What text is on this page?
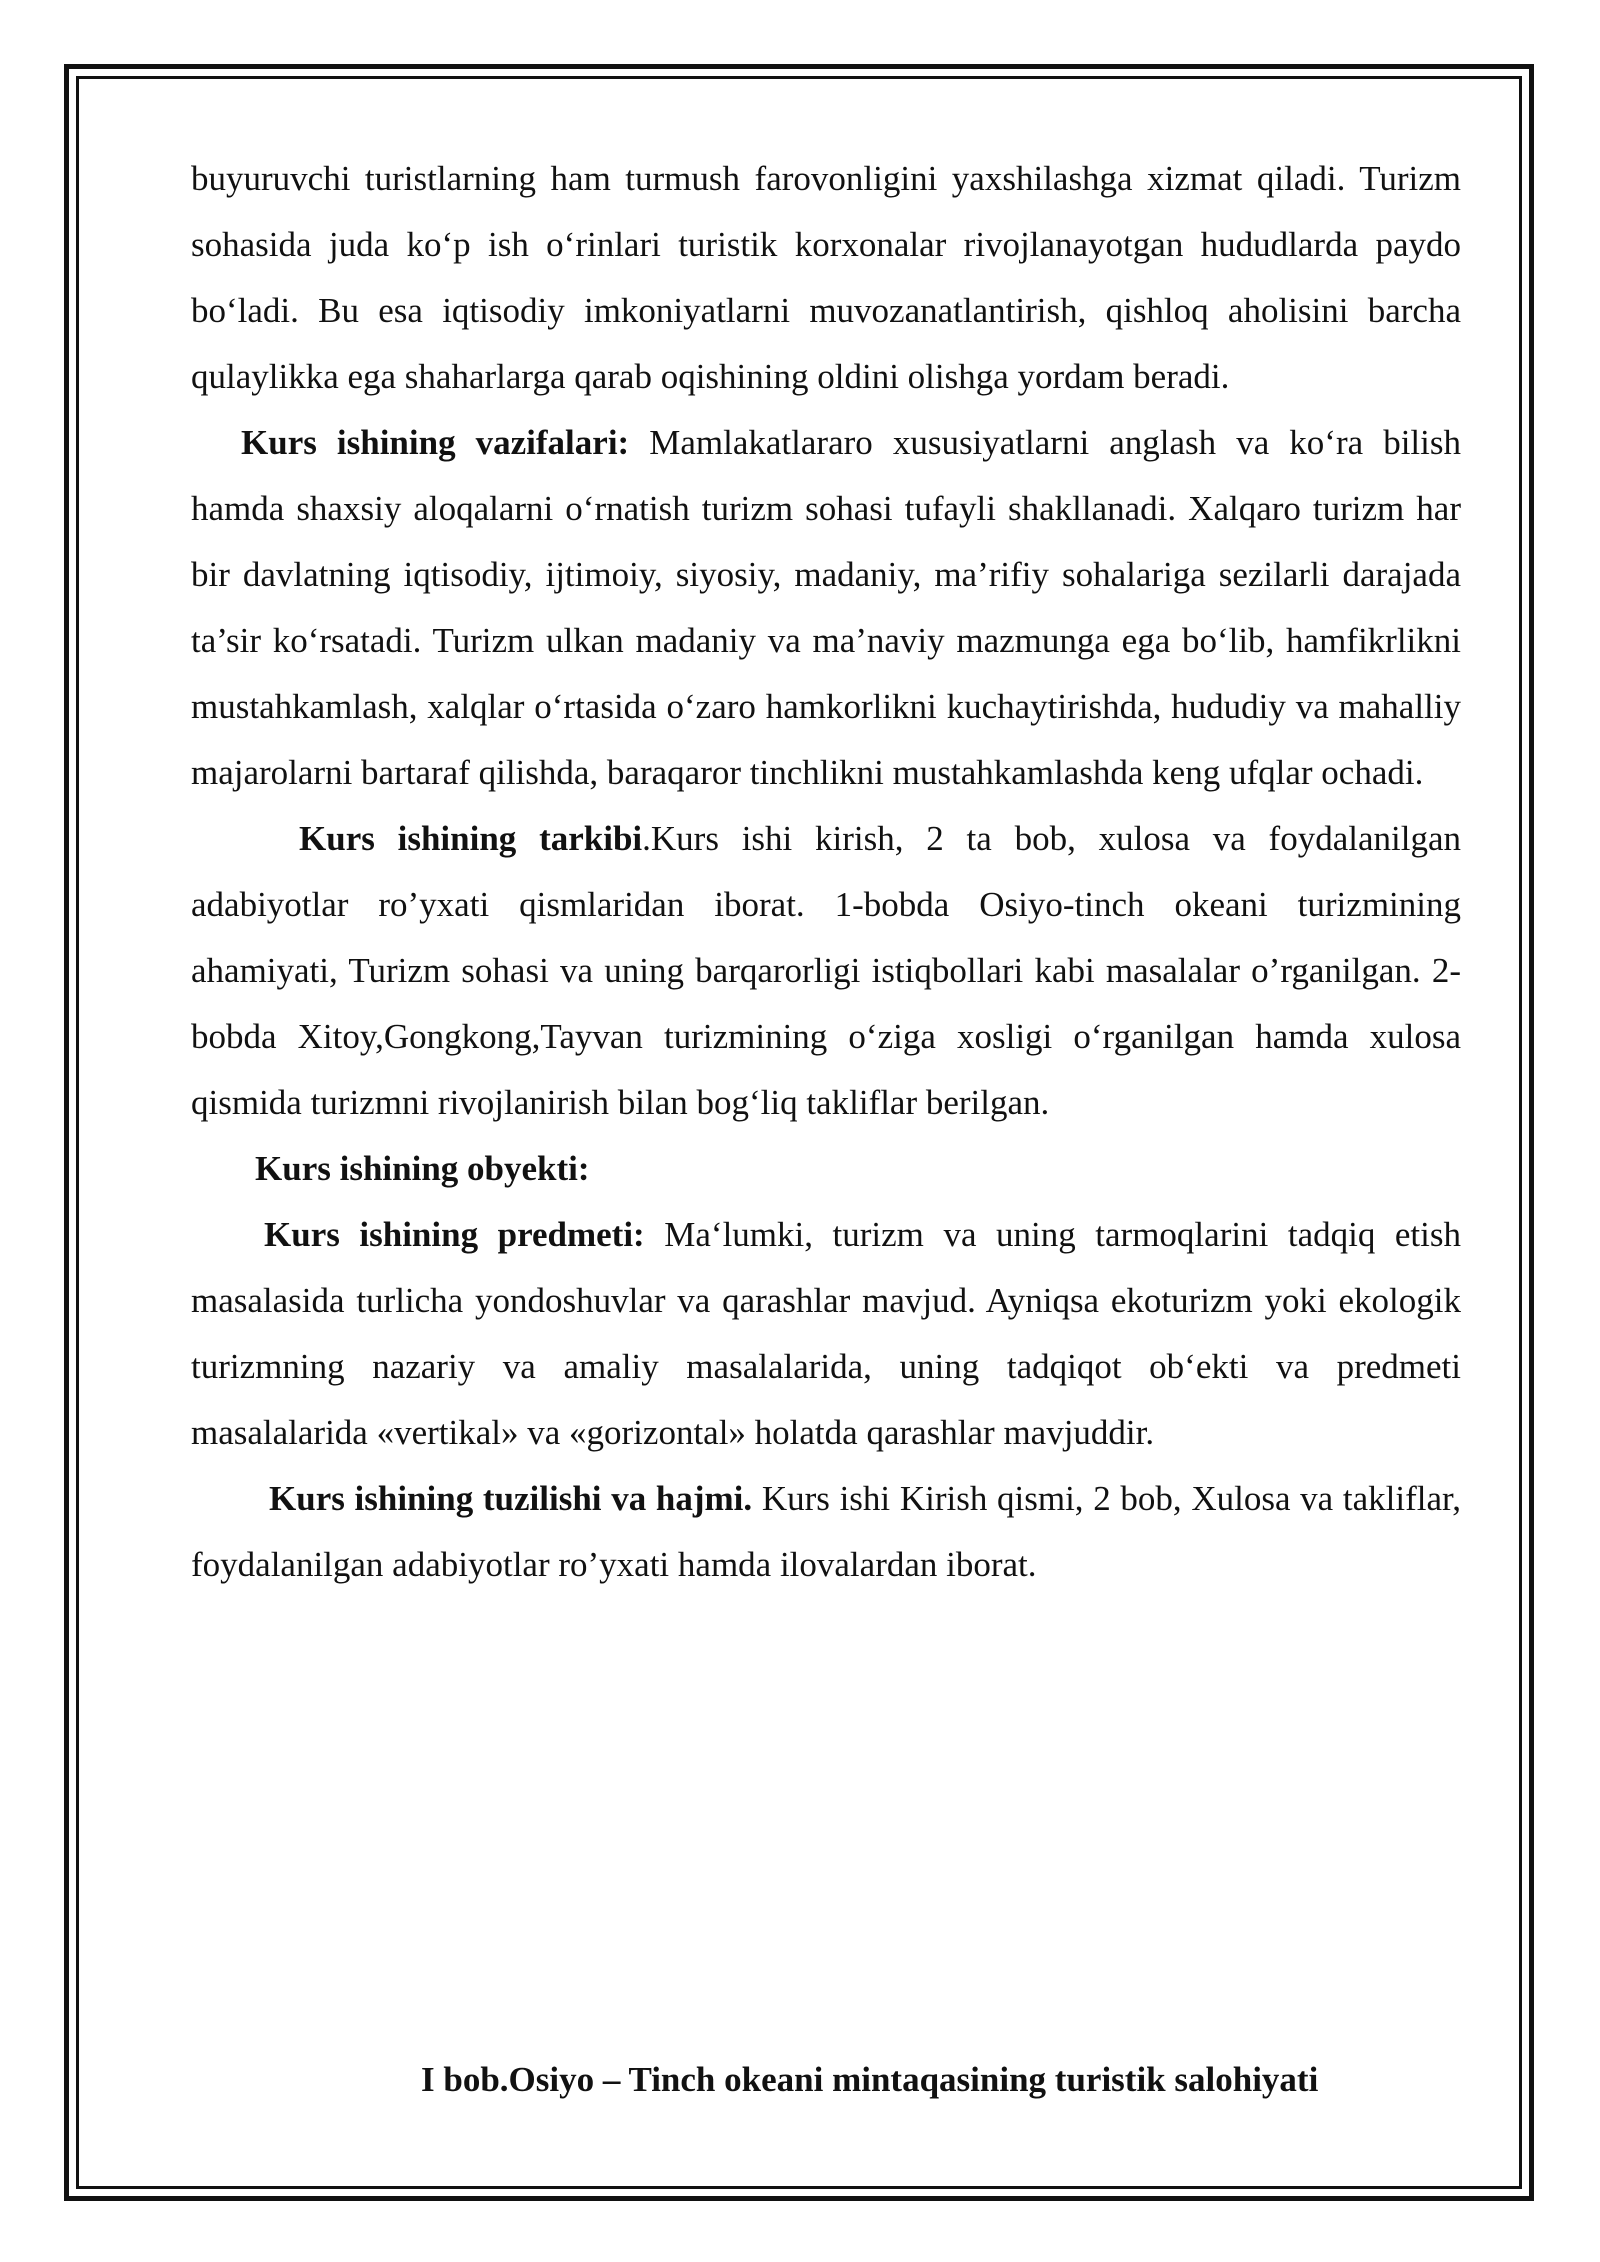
buyuruvchi turistlarning ham turmush farovonligini yaxshilashga xizmat qiladi. Turizm sohasida juda ko‘p ish o‘rinlari turistik korxonalar rivojlanayotgan hududlarda paydo bo‘ladi. Bu esa iqtisodiy imkoniyatlarni muvozanatlantirish, qishloq aholisini barcha qulaylikka ega shaharlarga qarab oqishining oldini olishga yordam beradi.

Kurs ishining vazifalari: Mamlakatlararo xususiyatlarni anglash va ko‘ra bilish hamda shaxsiy aloqalarni o‘rnatish turizm sohasi tufayli shakllanadi. Xalqaro turizm har bir davlatning iqtisodiy, ijtimoiy, siyosiy, madaniy, ma’rifiy sohalariga sezilarli darajada ta’sir ko‘rsatadi. Turizm ulkan madaniy va ma’naviy mazmunga ega bo‘lib, hamfikrlikni mustahkamlash, xalqlar o‘rtasida o‘zaro hamkorlikni kuchaytirishda, hududiy va mahalliy majarolarni bartaraf qilishda, baraqaror tinchlikni mustahkamlashda keng ufqlar ochadi.

Kurs ishining tarkibi.Kurs ishi kirish, 2 ta bob, xulosa va foydalanilgan adabiyotlar ro’yxati qismlaridan iborat. 1-bobda Osiyo-tinch okeani turizmining ahamiyati, Turizm sohasi va uning barqarorligi istiqbollari kabi masalalar o’rganilgan. 2-bobda Xitoy,Gongkong,Tayvan turizmining o‘ziga xosligi o‘rganilgan hamda xulosa qismida turizmni rivojlanirish bilan bog‘liq takliflar berilgan.

Kurs ishining obyekti:

Kurs ishining predmeti: Ma‘lumki, turizm va uning tarmoqlarini tadqiq etish masalasida turlicha yondoshuvlar va qarashlar mavjud. Ayniqsa ekoturizm yoki ekologik turizmning nazariy va amaliy masalalarida, uning tadqiqot ob‘ekti va predmeti masalalarida «vertikal» va «gorizontal» holatda qarashlar mavjuddir.

Kurs ishining tuzilishi va hajmi. Kurs ishi Kirish qismi, 2 bob, Xulosa va takliflar, foydalanilgan adabiyotlar ro’yxati hamda ilovalardan iborat.

I bob.Osiyo – Tinch okeani mintaqasining turistik salohiyati
